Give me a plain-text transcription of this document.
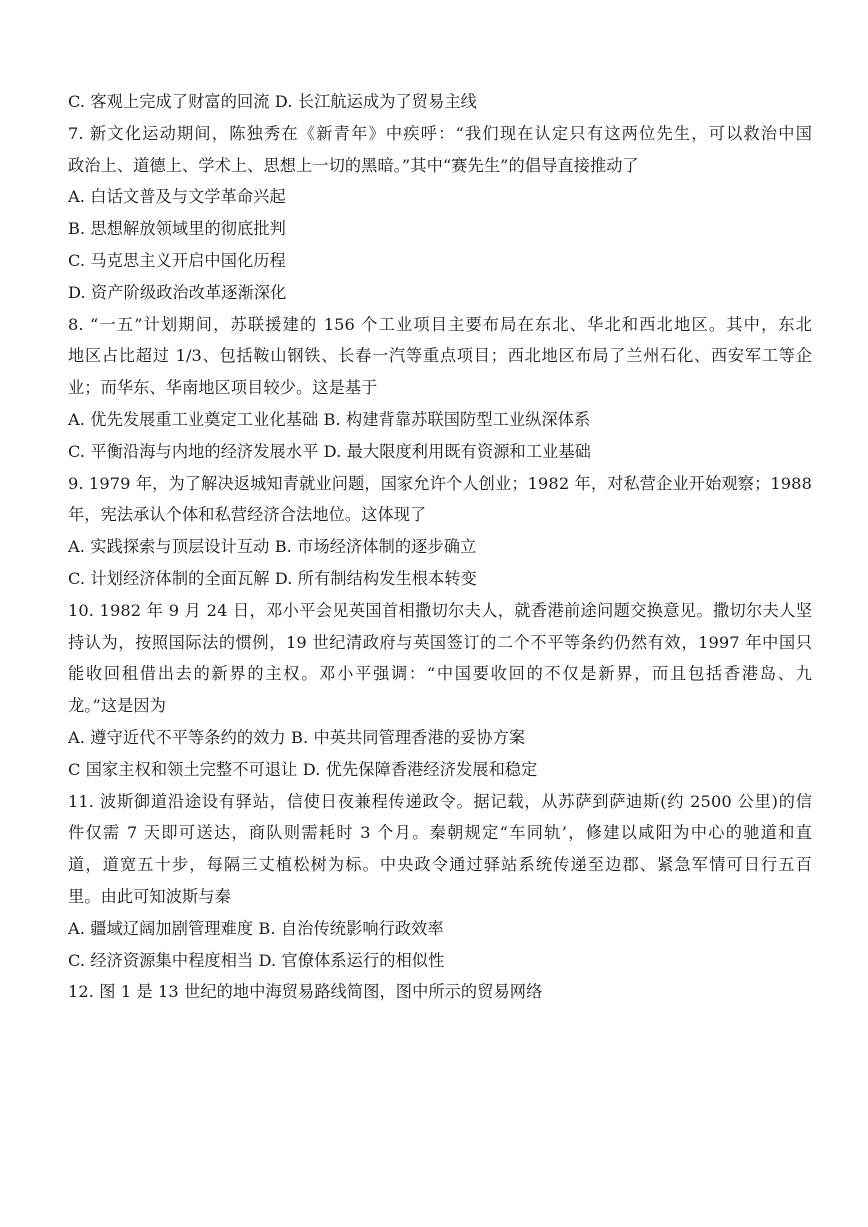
C. 客观上完成了财富的回流 D. 长江航运成为了贸易主线
7. 新文化运动期间，陈独秀在《新青年》中疾呼：“我们现在认定只有这两位先生，可以救治中国
政治上、道德上、学术上、思想上一切的黑暗。”其中“赛先生”的倡导直接推动了
A. 白话文普及与文学革命兴起
B. 思想解放领域里的彻底批判
C. 马克思主义开启中国化历程
D. 资产阶级政治改革逐渐深化
8. “一五”计划期间，苏联援建的 156 个工业项目主要布局在东北、华北和西北地区。其中，东北
地区占比超过 1/3、包括鞍山钢铁、长春一汽等重点项目；西北地区布局了兰州石化、西安军工等企
业；而华东、华南地区项目较少。这是基于
A. 优先发展重工业奠定工业化基础 B. 构建背靠苏联国防型工业纵深体系
C. 平衡沿海与内地的经济发展水平 D. 最大限度利用既有资源和工业基础
9. 1979 年，为了解决返城知青就业问题，国家允许个人创业；1982 年，对私营企业开始观察；1988
年，宪法承认个体和私营经济合法地位。这体现了
A. 实践探索与顶层设计互动 B. 市场经济体制的逐步确立
C. 计划经济体制的全面瓦解 D. 所有制结构发生根本转变
10. 1982 年 9 月 24 日，邓小平会见英国首相撒切尔夫人，就香港前途问题交换意见。撒切尔夫人坚
持认为，按照国际法的惯例，19 世纪清政府与英国签订的二个不平等条约仍然有效，1997 年中国只
能收回租借出去的新界的主权。邓小平强调：“中国要收回的不仅是新界，而且包括香港岛、九
龙。”这是因为
A. 遵守近代不平等条约的效力 B. 中英共同管理香港的妥协方案
C 国家主权和领土完整不可退让 D. 优先保障香港经济发展和稳定
11. 波斯御道沿途设有驿站，信使日夜兼程传递政令。据记载，从苏萨到萨迪斯(约 2500 公里)的信
件仅需 7 天即可送达，商队则需耗时 3 个月。秦朝规定“车同轨’，修建以咸阳为中心的驰道和直
道，道宽五十步，每隔三丈植松树为标。中央政令通过驿站系统传递至边郡、紧急军情可日行五百
里。由此可知波斯与秦
A. 疆域辽阔加剧管理难度 B. 自治传统影响行政效率
C. 经济资源集中程度相当 D. 官僚体系运行的相似性
12. 图 1 是 13 世纪的地中海贸易路线简图，图中所示的贸易网络
